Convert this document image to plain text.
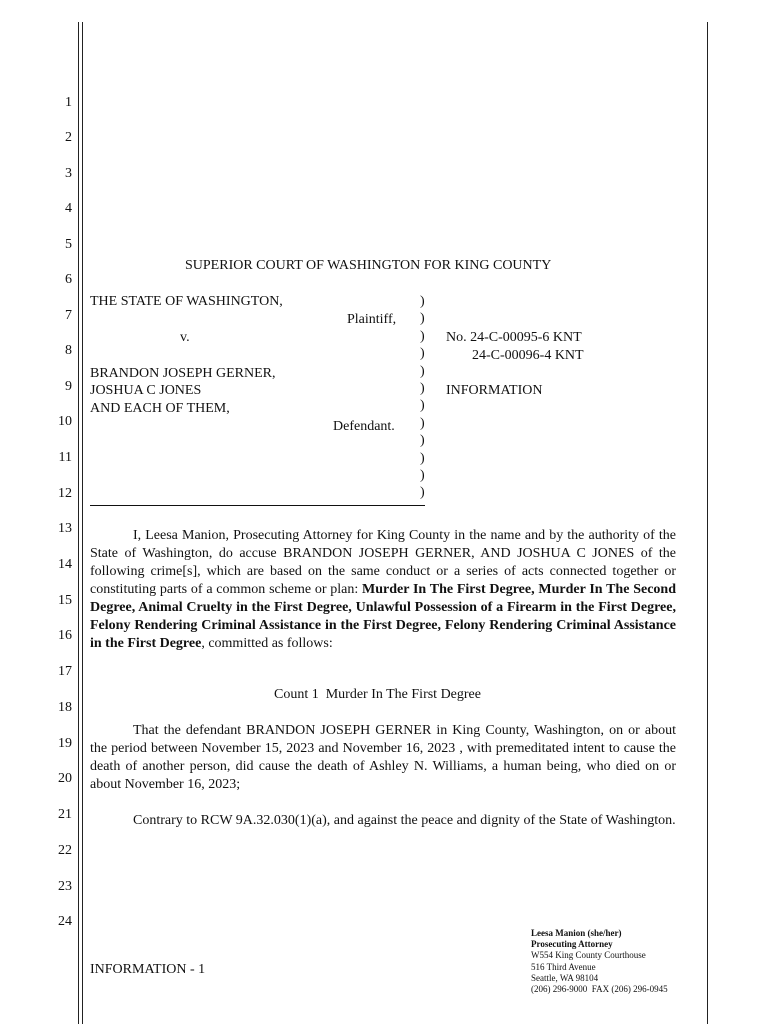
1
2
3
4
5
6
7
8
9
10
11
12
13
14
15
16
17
18
19
20
21
22
23
24
SUPERIOR COURT OF WASHINGTON FOR KING COUNTY
THE STATE OF WASHINGTON,
Plaintiff,
v.
BRANDON JOSEPH GERNER,
JOSHUA C JONES
AND EACH OF THEM,
Defendant.
)
)
)
)
)
)
)
)
)
)
)
)
No. 24-C-00095-6 KNT
24-C-00096-4 KNT
INFORMATION
I, Leesa Manion, Prosecuting Attorney for King County in the name and by the authority of the State of Washington, do accuse BRANDON JOSEPH GERNER, AND JOSHUA C JONES of the following crime[s], which are based on the same conduct or a series of acts connected together or constituting parts of a common scheme or plan: Murder In The First Degree, Murder In The Second Degree, Animal Cruelty in the First Degree, Unlawful Possession of a Firearm in the First Degree, Felony Rendering Criminal Assistance in the First Degree, Felony Rendering Criminal Assistance in the First Degree, committed as follows:
Count 1  Murder In The First Degree
That the defendant BRANDON JOSEPH GERNER in King County, Washington, on or about the period between November 15, 2023 and November 16, 2023 , with premeditated intent to cause the death of another person, did cause the death of Ashley N. Williams, a human being, who died on or about November 16, 2023;
Contrary to RCW 9A.32.030(1)(a), and against the peace and dignity of the State of Washington.
INFORMATION - 1
Leesa Manion (she/her)
Prosecuting Attorney
W554 King County Courthouse
516 Third Avenue
Seattle, WA 98104
(206) 296-9000  FAX (206) 296-0945
